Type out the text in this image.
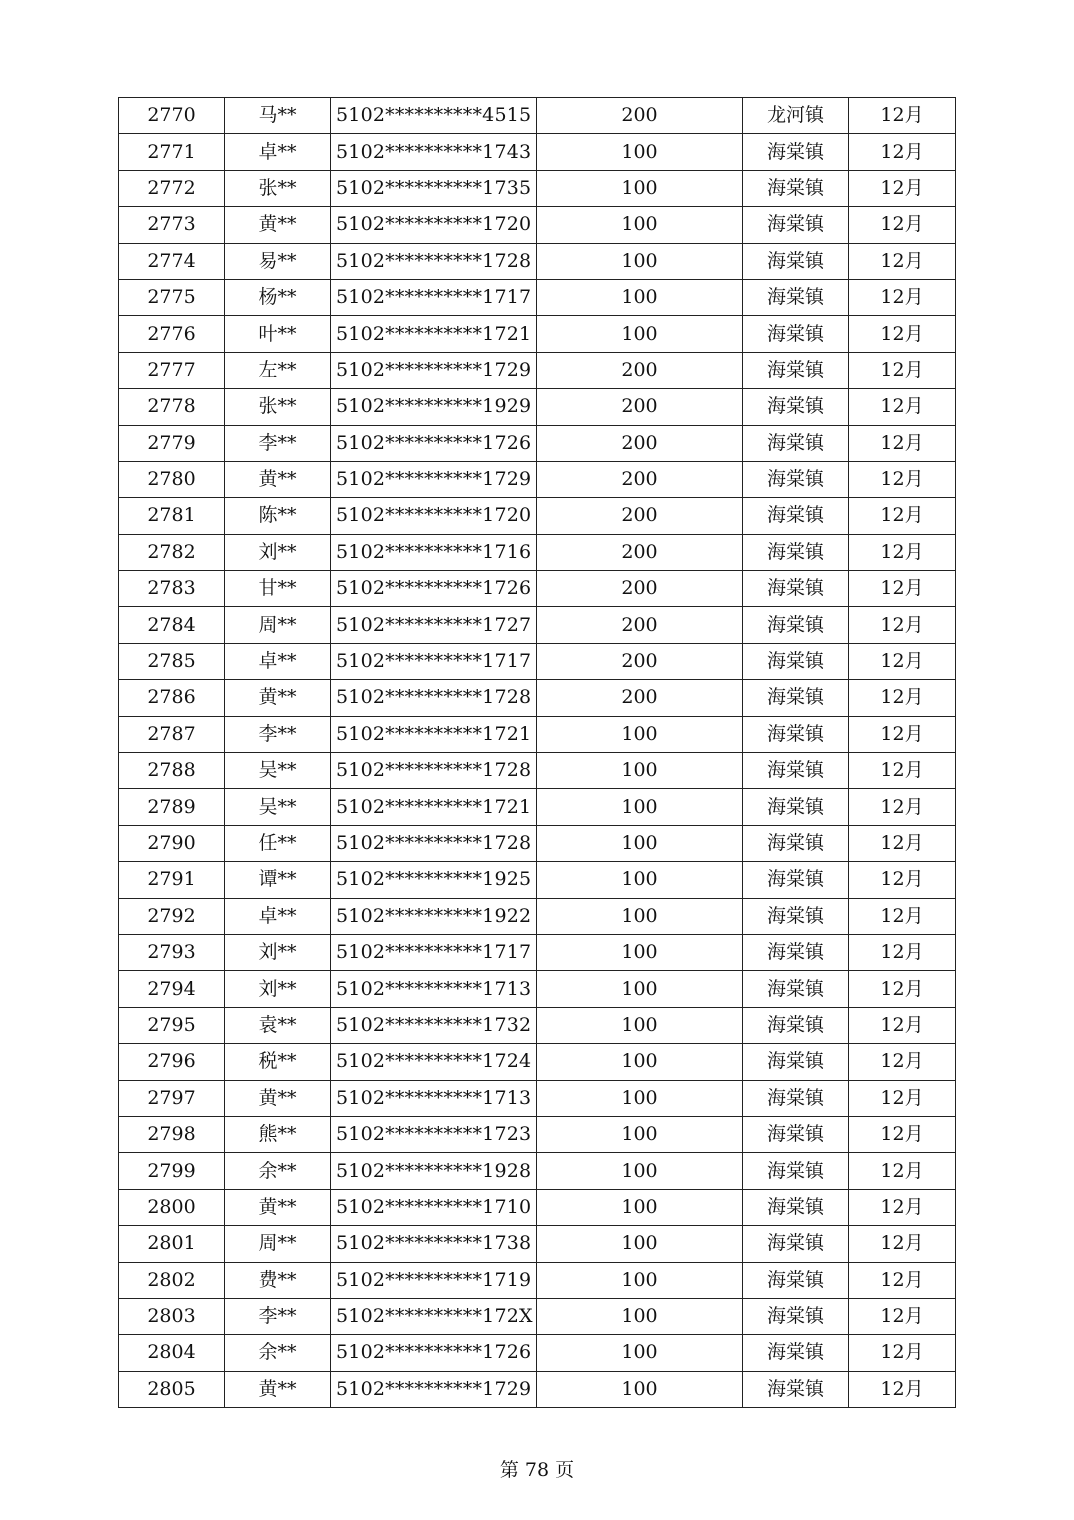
2770	马**	5102**********4515	200	龙河镇	12月
2771	卓**	5102**********1743	100	海棠镇	12月
2772	张**	5102**********1735	100	海棠镇	12月
2773	黄**	5102**********1720	100	海棠镇	12月
2774	易**	5102**********1728	100	海棠镇	12月
2775	杨**	5102**********1717	100	海棠镇	12月
2776	叶**	5102**********1721	100	海棠镇	12月
2777	左**	5102**********1729	200	海棠镇	12月
2778	张**	5102**********1929	200	海棠镇	12月
2779	李**	5102**********1726	200	海棠镇	12月
2780	黄**	5102**********1729	200	海棠镇	12月
2781	陈**	5102**********1720	200	海棠镇	12月
2782	刘**	5102**********1716	200	海棠镇	12月
2783	甘**	5102**********1726	200	海棠镇	12月
2784	周**	5102**********1727	200	海棠镇	12月
2785	卓**	5102**********1717	200	海棠镇	12月
2786	黄**	5102**********1728	200	海棠镇	12月
2787	李**	5102**********1721	100	海棠镇	12月
2788	吴**	5102**********1728	100	海棠镇	12月
2789	吴**	5102**********1721	100	海棠镇	12月
2790	任**	5102**********1728	100	海棠镇	12月
2791	谭**	5102**********1925	100	海棠镇	12月
2792	卓**	5102**********1922	100	海棠镇	12月
2793	刘**	5102**********1717	100	海棠镇	12月
2794	刘**	5102**********1713	100	海棠镇	12月
2795	袁**	5102**********1732	100	海棠镇	12月
2796	税**	5102**********1724	100	海棠镇	12月
2797	黄**	5102**********1713	100	海棠镇	12月
2798	熊**	5102**********1723	100	海棠镇	12月
2799	余**	5102**********1928	100	海棠镇	12月
2800	黄**	5102**********1710	100	海棠镇	12月
2801	周**	5102**********1738	100	海棠镇	12月
2802	费**	5102**********1719	100	海棠镇	12月
2803	李**	5102**********172X	100	海棠镇	12月
2804	余**	5102**********1726	100	海棠镇	12月
2805	黄**	5102**********1729	100	海棠镇	12月
第 78 页
